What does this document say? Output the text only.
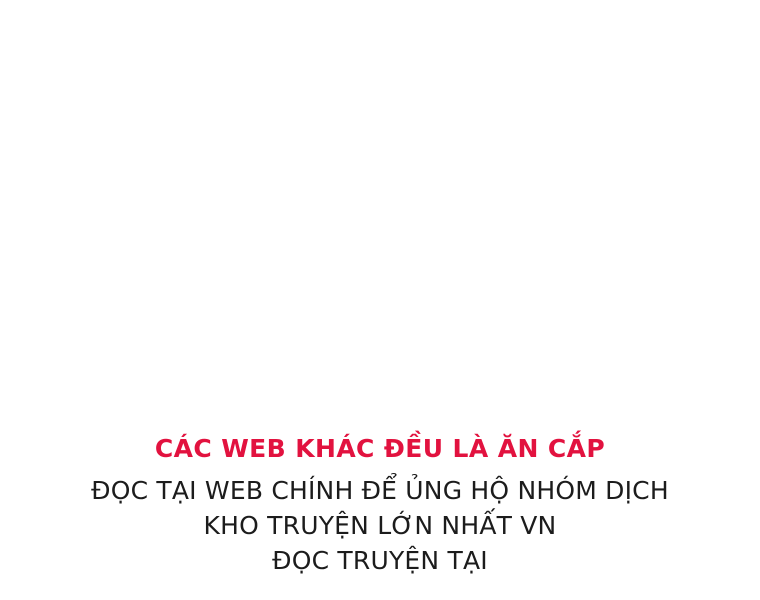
CÁC WEB KHÁC ĐỀU LÀ ĂN CẮP
ĐỌC TẠI WEB CHÍNH ĐỂ ỦNG HỘ NHÓM DỊCH
KHO TRUYỆN LỚN NHẤT VN
ĐỌC TRUYỆN TẠI
